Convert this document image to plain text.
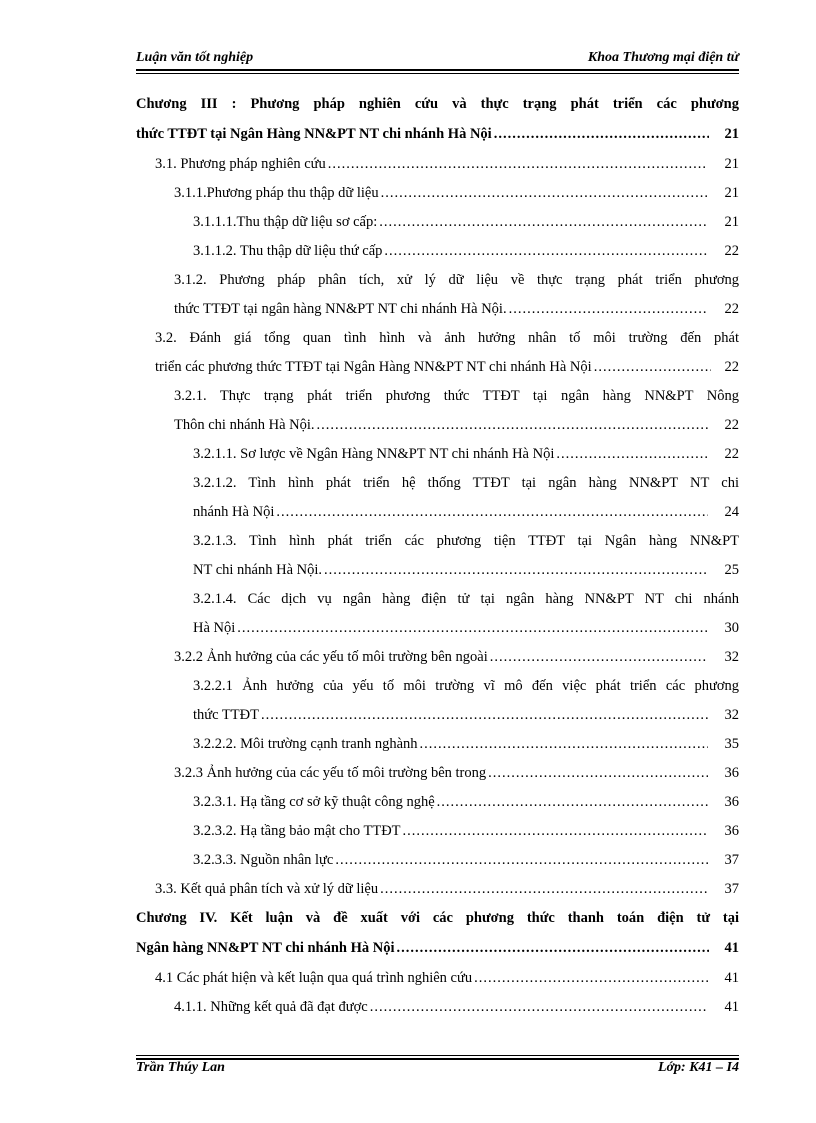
Luận văn tốt nghiệp	Khoa Thương mại điện tử
Chương III : Phương pháp nghiên cứu và thực trạng phát triển các phương
thức TTĐT tại Ngân Hàng NN&PT NT chi nhánh Hà Nội .....	21
3.1. Phương pháp nghiên cứu .....	21
3.1.1.Phương pháp thu thập dữ liệu .....	21
3.1.1.1.Thu thập dữ liệu sơ cấp: .....	21
3.1.1.2. Thu thập dữ liệu thứ cấp .....	22
3.1.2. Phương pháp phân tích, xử lý dữ liệu về thực trạng phát triển phương
thức TTĐT tại ngân hàng NN&PT NT chi nhánh Hà Nội. .....	22
3.2. Đánh giá tổng quan tình hình và ảnh hưởng nhân tố môi trường đến phát
triển các phương thức TTĐT tại Ngân Hàng NN&PT NT chi nhánh Hà Nội .....	22
3.2.1. Thực trạng phát triển phương thức TTĐT tại ngân hàng NN&PT Nông
Thôn chi nhánh Hà Nội. .....	22
3.2.1.1. Sơ lược về Ngân Hàng NN&PT NT chi nhánh Hà Nội .....	22
3.2.1.2. Tình hình phát triển hệ thống TTĐT tại ngân hàng NN&PT NT chi
nhánh Hà Nội .....	24
3.2.1.3. Tình hình phát triển các phương tiện TTĐT tại Ngân hàng NN&PT
NT chi nhánh Hà Nội. .....	25
3.2.1.4. Các dịch vụ ngân hàng điện tử tại ngân hàng NN&PT NT chi nhánh
Hà Nội .....	30
3.2.2 Ảnh hưởng của các yếu tố môi trường bên ngoài .....	32
3.2.2.1 Ảnh hưởng của yếu tố môi trường vĩ mô đến việc phát triển các phương
thức TTĐT .....	32
3.2.2.2. Môi trường cạnh tranh nghành .....	35
3.2.3 Ảnh hưởng của các yếu tố môi trường bên trong .....	36
3.2.3.1. Hạ tầng cơ sở kỹ thuật công nghệ .....	36
3.2.3.2. Hạ tầng bảo mật cho TTĐT .....	36
3.2.3.3. Nguồn nhân lực .....	37
3.3. Kết quả phân tích và xử lý dữ liệu .....	37
Chương IV. Kết luận và đề xuất với các phương thức thanh toán điện tử tại
Ngân hàng NN&PT NT chi nhánh Hà Nội .....	41
4.1 Các phát hiện và kết luận qua quá trình nghiên cứu .....	41
4.1.1. Những kết quả đã đạt được .....	41
Trần Thúy Lan	Lớp: K41 – I4
